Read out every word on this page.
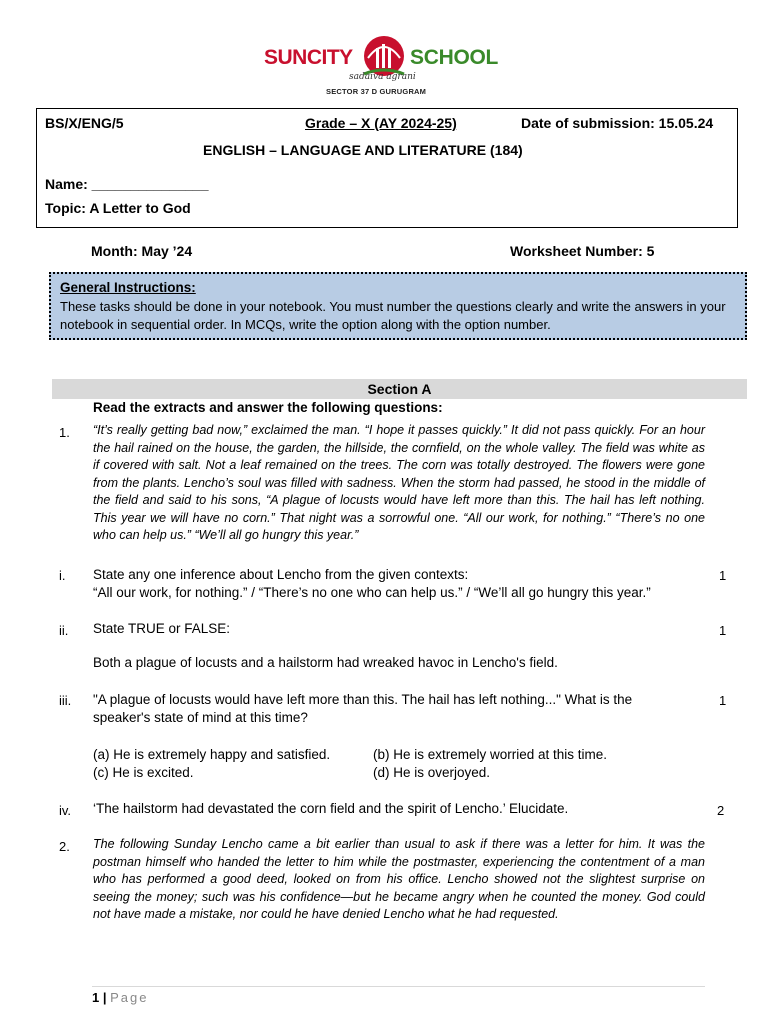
SUNCITY	SCHOOL
sadaiva agrani
SECTOR 37 D GURUGRAM
BS/X/ENG/5	Grade – X (AY 2024-25)	Date of submission: 15.05.24
ENGLISH – LANGUAGE AND LITERATURE (184)
Name: _______________
Topic: A Letter to God
Month: May ’24	Worksheet Number: 5
General Instructions:
These tasks should be done in your notebook. You must number the questions clearly and write the answers in your notebook in sequential order. In MCQs, write the option along with the option number.
Section A
Read the extracts and answer the following questions:
1. “It’s really getting bad now,” exclaimed the man. “I hope it passes quickly.” It did not pass quickly. For an hour the hail rained on the house, the garden, the hillside, the cornfield, on the whole valley. The field was white as if covered with salt. Not a leaf remained on the trees. The corn was totally destroyed. The flowers were gone from the plants. Lencho’s soul was filled with sadness. When the storm had passed, he stood in the middle of the field and said to his sons, “A plague of locusts would have left more than this. The hail has left nothing. This year we will have no corn.” That night was a sorrowful one. “All our work, for nothing.” “There’s no one who can help us.” “We’ll all go hungry this year.”
i. State any one inference about Lencho from the given contexts:
“All our work, for nothing.” / “There’s no one who can help us.” / “We’ll all go hungry this year.”
1
ii. State TRUE or FALSE:	1
Both a plague of locusts and a hailstorm had wreaked havoc in Lencho's field.
iii. "A plague of locusts would have left more than this. The hail has left nothing..." What is the speaker's state of mind at this time?
1
(a) He is extremely happy and satisfied.	(b) He is extremely worried at this time.
(c) He is excited.	(d) He is overjoyed.
iv. ‘The hailstorm had devastated the corn field and the spirit of Lencho.’ Elucidate.	2
2. The following Sunday Lencho came a bit earlier than usual to ask if there was a letter for him. It was the postman himself who handed the letter to him while the postmaster, experiencing the contentment of a man who has performed a good deed, looked on from his office. Lencho showed not the slightest surprise on seeing the money; such was his confidence—but he became angry when he counted the money. God could not have made a mistake, nor could he have denied Lencho what he had requested.
1 | Page
